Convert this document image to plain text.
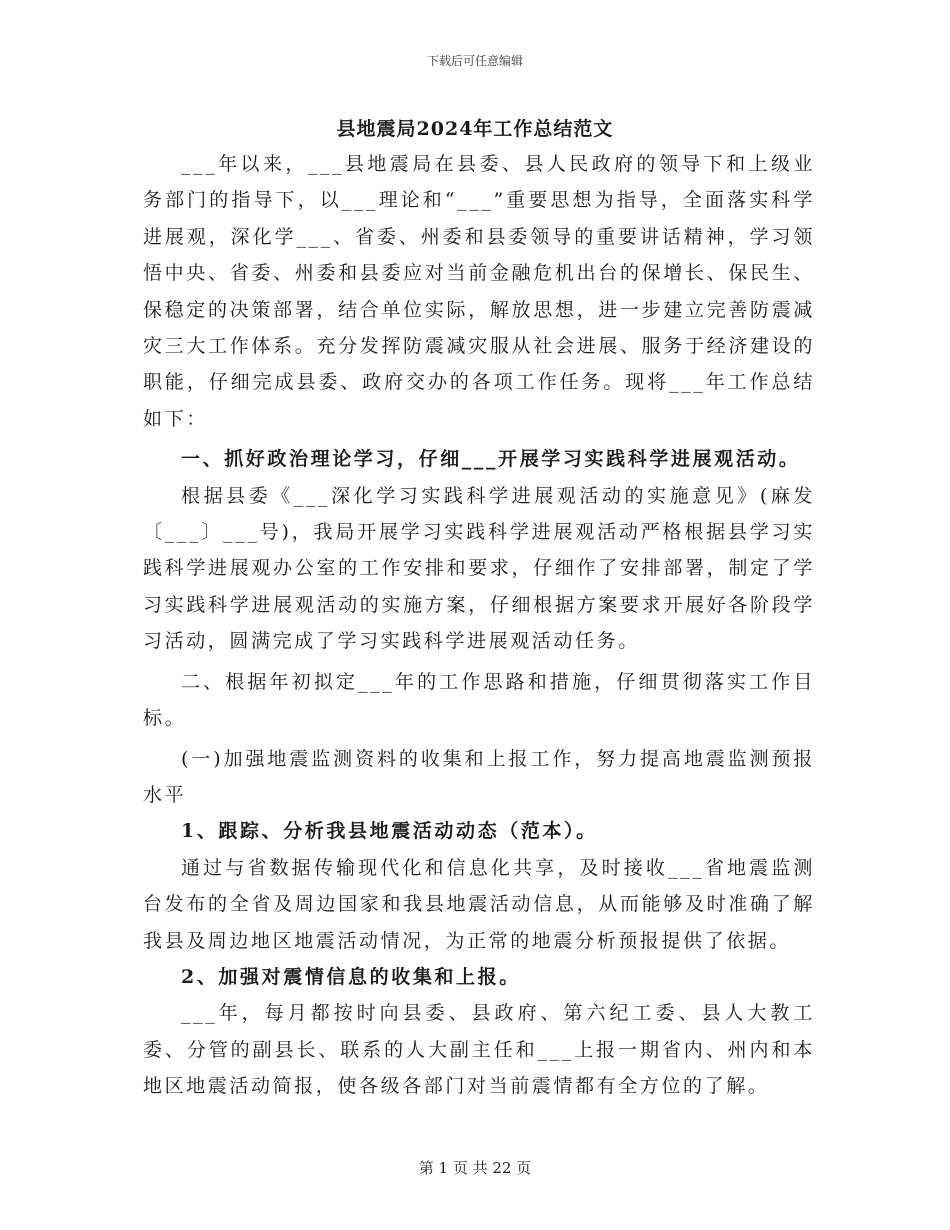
下载后可任意编辑
县地震局2024年工作总结范文

___年以来，___县地震局在县委、县人民政府的领导下和上级业务部门的指导下，以___理论和“___”重要思想为指导，全面落实科学进展观，深化学___、省委、州委和县委领导的重要讲话精神，学习领悟中央、省委、州委和县委应对当前金融危机出台的保增长、保民生、保稳定的决策部署，结合单位实际，解放思想，进一步建立完善防震减灾三大工作体系。充分发挥防震减灾服从社会进展、服务于经济建设的职能，仔细完成县委、政府交办的各项工作任务。现将___年工作总结如下：

一、抓好政治理论学习，仔细___开展学习实践科学进展观活动。

根据县委《___深化学习实践科学进展观活动的实施意见》(麻发〔___〕___号)，我局开展学习实践科学进展观活动严格根据县学习实践科学进展观办公室的工作安排和要求，仔细作了安排部署，制定了学习实践科学进展观活动的实施方案，仔细根据方案要求开展好各阶段学习活动，圆满完成了学习实践科学进展观活动任务。

二、根据年初拟定___年的工作思路和措施，仔细贯彻落实工作目标。

(一)加强地震监测资料的收集和上报工作，努力提高地震监测预报水平

1、跟踪、分析我县地震活动动态（范本）。

通过与省数据传输现代化和信息化共享，及时接收___省地震监测台发布的全省及周边国家和我县地震活动信息，从而能够及时准确了解我县及周边地区地震活动情况，为正常的地震分析预报提供了依据。

2、加强对震情信息的收集和上报。

___年，每月都按时向县委、县政府、第六纪工委、县人大教工委、分管的副县长、联系的人大副主任和___上报一期省内、州内和本地区地震活动简报，使各级各部门对当前震情都有全方位的了解。

第 1 页 共 22 页
